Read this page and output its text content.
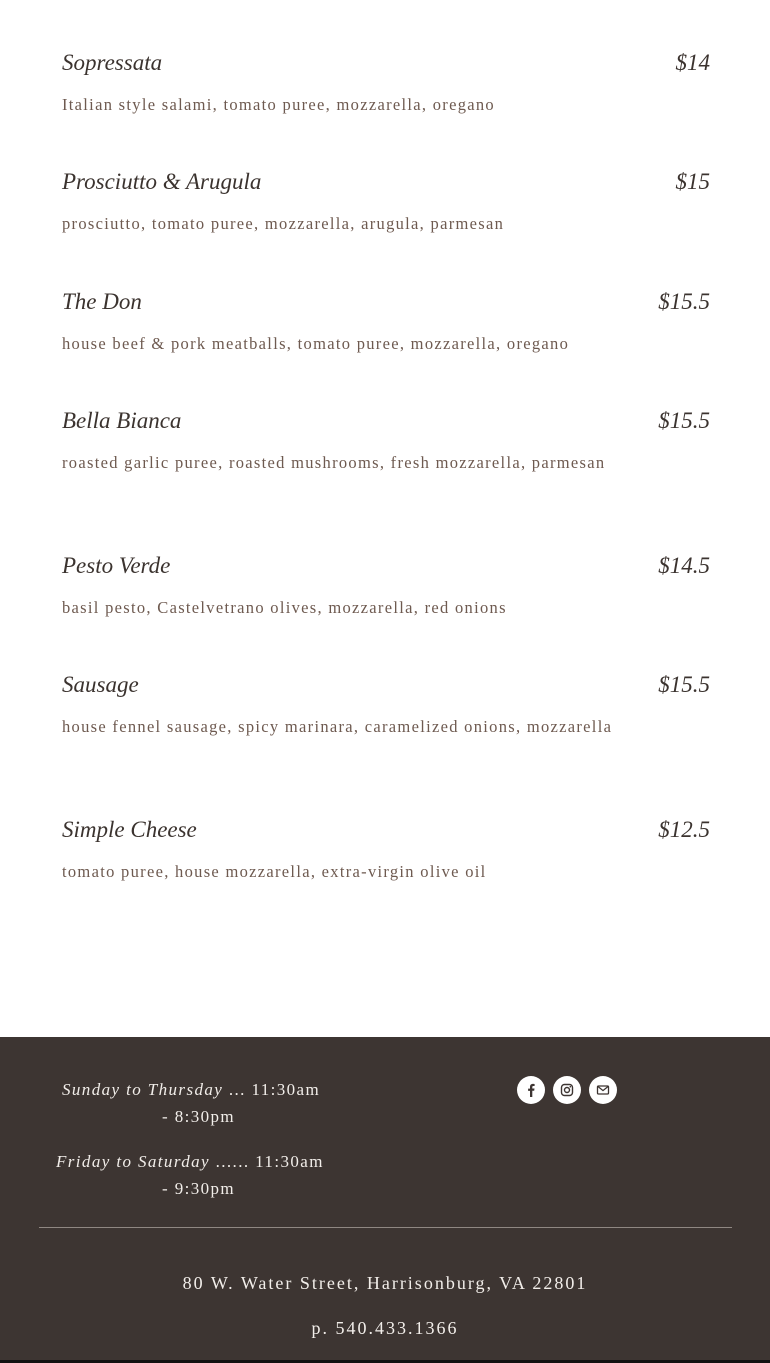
Sopressata	$14
Italian style salami, tomato puree, mozzarella, oregano
Prosciutto & Arugula	$15
prosciutto, tomato puree, mozzarella, arugula, parmesan
The Don	$15.5
house beef & pork meatballs, tomato puree, mozzarella, oregano
Bella Bianca	$15.5
roasted garlic puree, roasted mushrooms, fresh mozzarella, parmesan
Pesto Verde	$14.5
basil pesto, Castelvetrano olives, mozzarella, red onions
Sausage	$15.5
house fennel sausage, spicy marinara, caramelized onions, mozzarella
Simple Cheese	$12.5
tomato puree, house mozzarella, extra-virgin olive oil
Sunday to Thursday ... 11:30am
- 8:30pm
Friday to Saturday ...... 11:30am
- 9:30pm
80 W. Water Street, Harrisonburg, VA 22801
p. 540.433.1366
